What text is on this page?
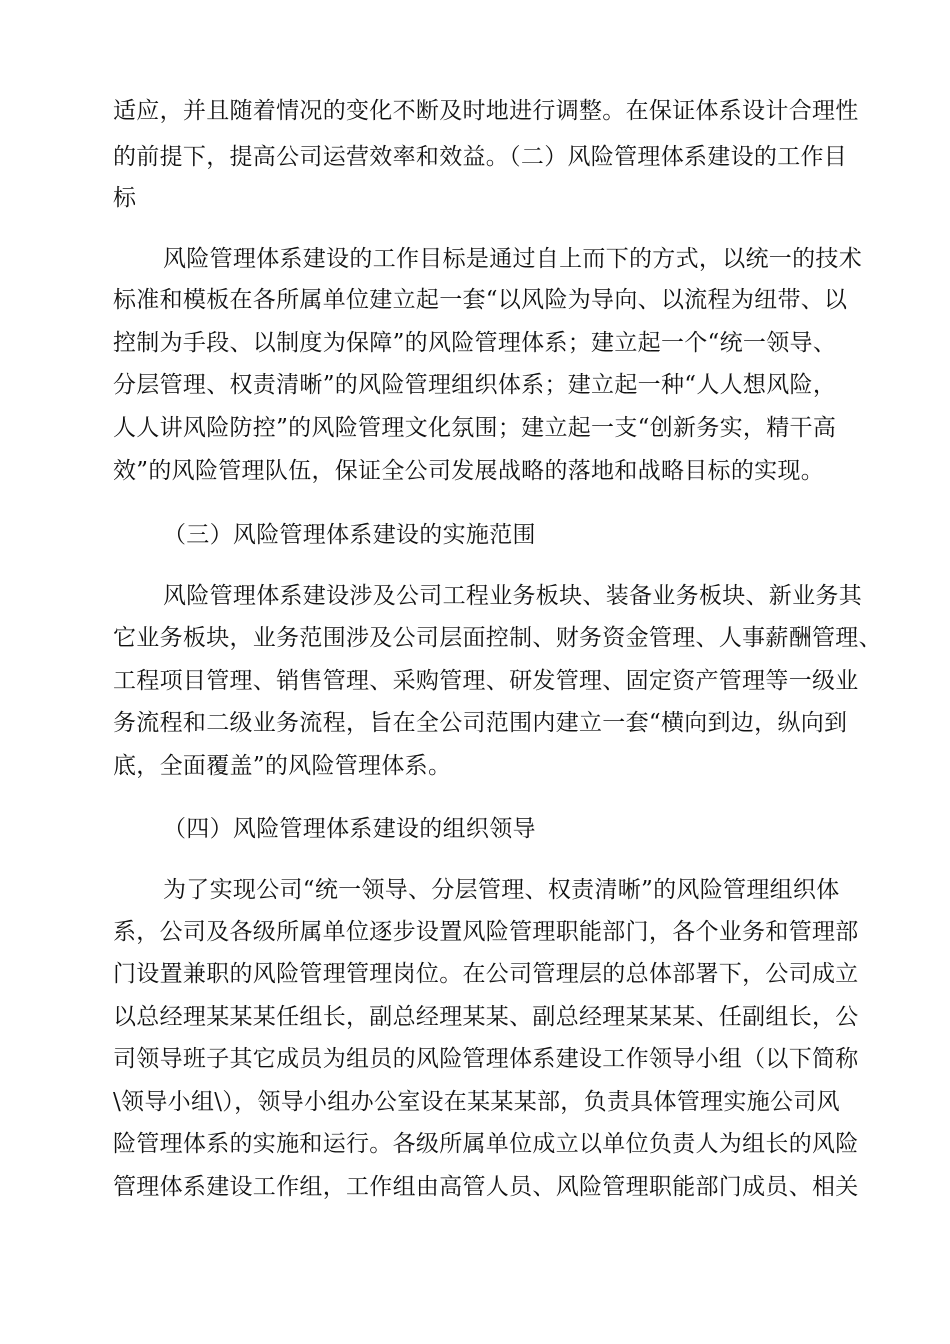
适应，并且随着情况的变化不断及时地进行调整。在保证体系设计合理性
的前提下，提高公司运营效率和效益。（二）风险管理体系建设的工作目
标
风险管理体系建设的工作目标是通过自上而下的方式，以统一的技术
标准和模板在各所属单位建立起一套“以风险为导向、以流程为纽带、以
控制为手段、以制度为保障”的风险管理体系；建立起一个“统一领导、
分层管理、权责清晰”的风险管理组织体系；建立起一种“人人想风险，
人人讲风险防控”的风险管理文化氛围；建立起一支“创新务实，精干高
效”的风险管理队伍，保证全公司发展战略的落地和战略目标的实现。
（三）风险管理体系建设的实施范围
风险管理体系建设涉及公司工程业务板块、装备业务板块、新业务其
它业务板块，业务范围涉及公司层面控制、财务资金管理、人事薪酬管理、
工程项目管理、销售管理、采购管理、研发管理、固定资产管理等一级业
务流程和二级业务流程，旨在全公司范围内建立一套“横向到边，纵向到
底，全面覆盖”的风险管理体系。
（四）风险管理体系建设的组织领导
为了实现公司“统一领导、分层管理、权责清晰”的风险管理组织体
系，公司及各级所属单位逐步设置风险管理职能部门，各个业务和管理部
门设置兼职的风险管理管理岗位。在公司管理层的总体部署下，公司成立
以总经理某某某任组长，副总经理某某、副总经理某某某、任副组长，公
司领导班子其它成员为组员的风险管理体系建设工作领导小组（以下简称
\领导小组\），领导小组办公室设在某某某部，负责具体管理实施公司风
险管理体系的实施和运行。各级所属单位成立以单位负责人为组长的风险
管理体系建设工作组，工作组由高管人员、风险管理职能部门成员、相关
